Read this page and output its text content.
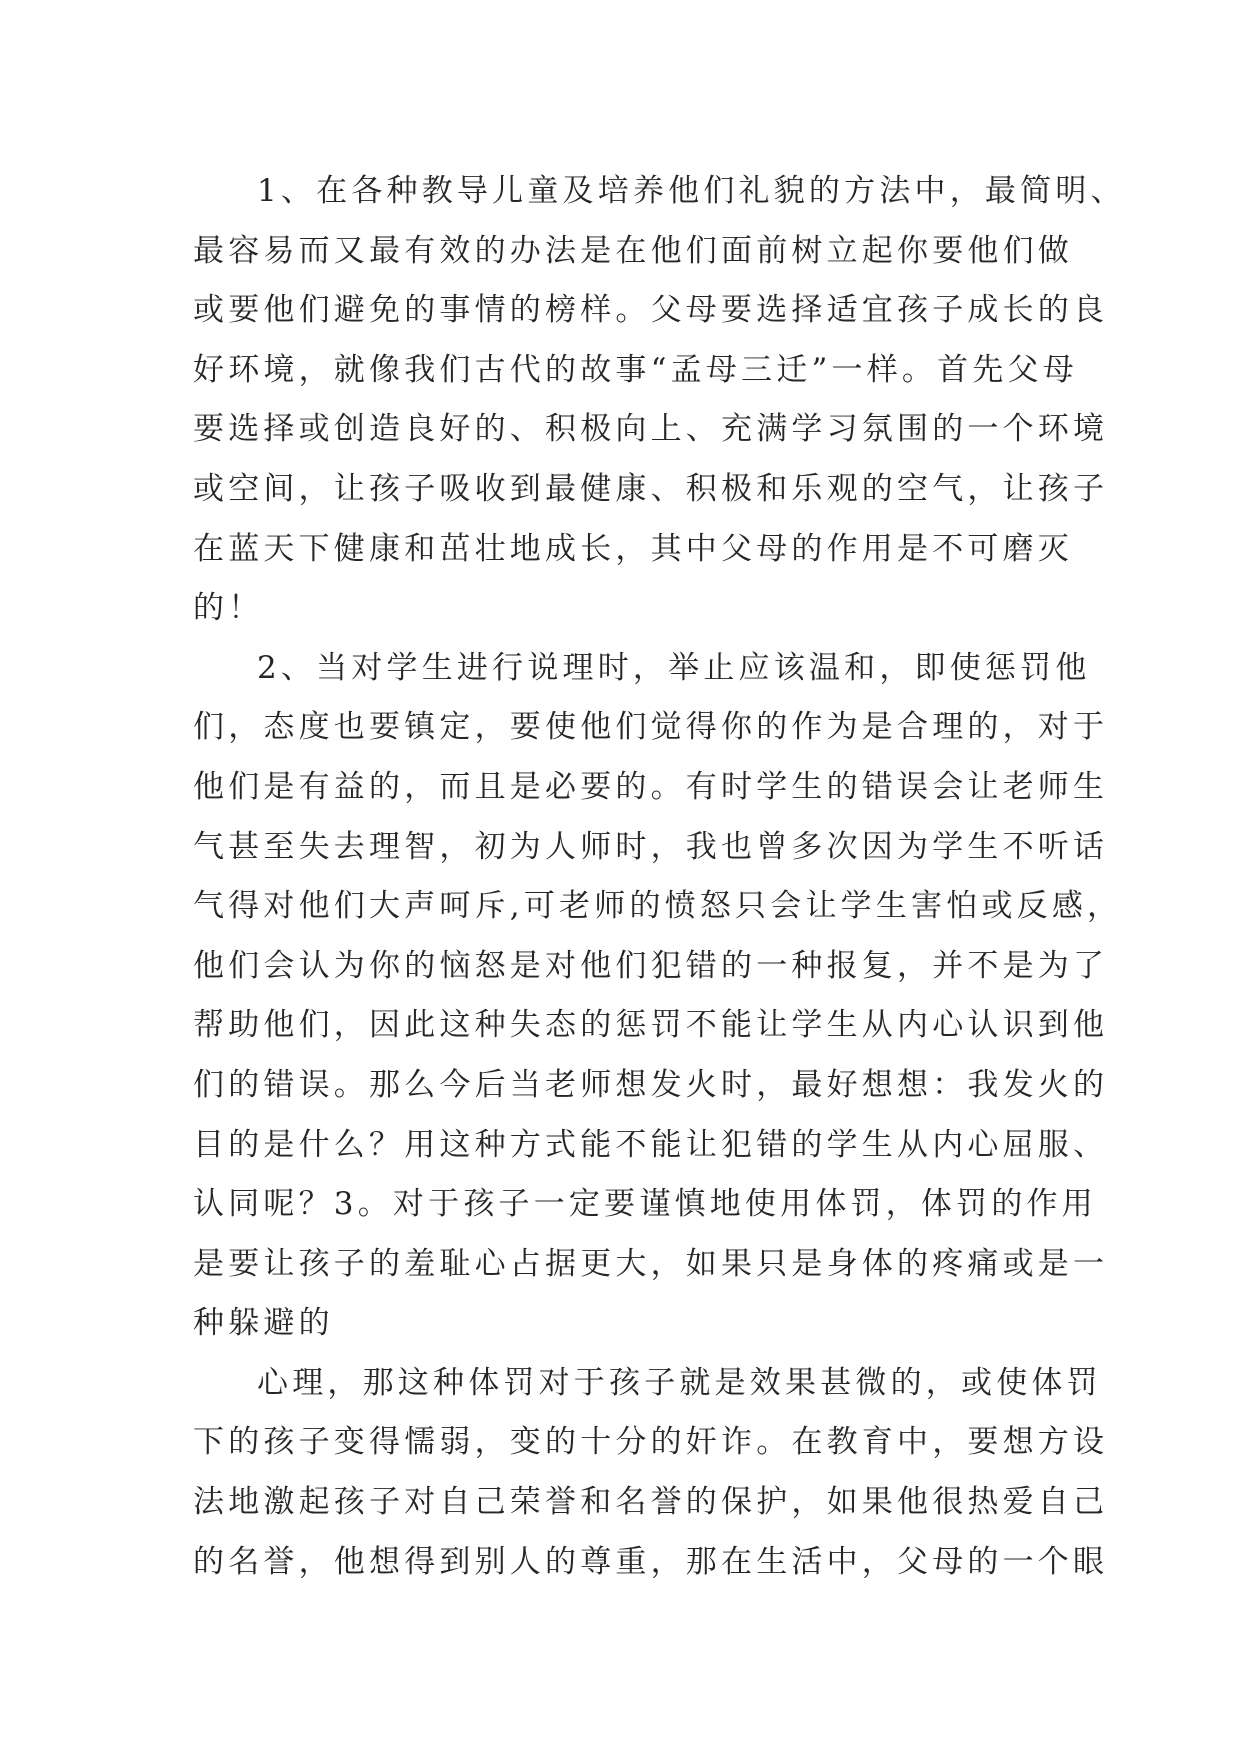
1、在各种教导儿童及培养他们礼貌的方法中，最简明、
最容易而又最有效的办法是在他们面前树立起你要他们做
或要他们避免的事情的榜样。父母要选择适宜孩子成长的良
好环境，就像我们古代的故事“孟母三迁”一样。首先父母
要选择或创造良好的、积极向上、充满学习氛围的一个环境
或空间，让孩子吸收到最健康、积极和乐观的空气，让孩子
在蓝天下健康和茁壮地成长，其中父母的作用是不可磨灭
的！
2、当对学生进行说理时，举止应该温和，即使惩罚他
们，态度也要镇定，要使他们觉得你的作为是合理的，对于
他们是有益的，而且是必要的。有时学生的错误会让老师生
气甚至失去理智，初为人师时，我也曾多次因为学生不听话
气得对他们大声呵斥,可老师的愤怒只会让学生害怕或反感，
他们会认为你的恼怒是对他们犯错的一种报复，并不是为了
帮助他们，因此这种失态的惩罚不能让学生从内心认识到他
们的错误。那么今后当老师想发火时，最好想想：我发火的
目的是什么？用这种方式能不能让犯错的学生从内心屈服、
认同呢？3。对于孩子一定要谨慎地使用体罚，体罚的作用
是要让孩子的羞耻心占据更大，如果只是身体的疼痛或是一
种躲避的
心理，那这种体罚对于孩子就是效果甚微的，或使体罚
下的孩子变得懦弱，变的十分的奸诈。在教育中，要想方设
法地激起孩子对自己荣誉和名誉的保护，如果他很热爱自己
的名誉，他想得到别人的尊重，那在生活中，父母的一个眼
